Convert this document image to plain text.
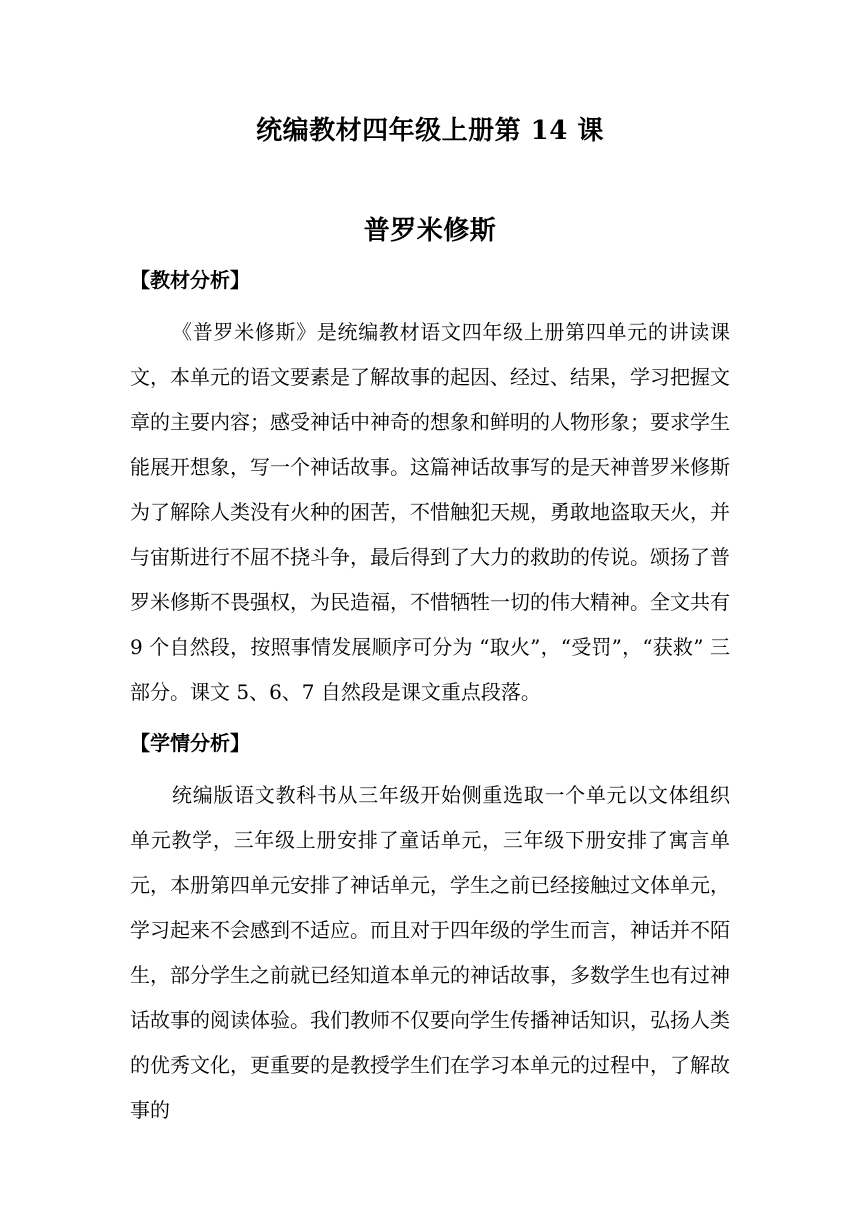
统编教材四年级上册第 14 课
普罗米修斯
【教材分析】

《普罗米修斯》是统编教材语文四年级上册第四单元的讲读课文，本单元的语文要素是了解故事的起因、经过、结果，学习把握文章的主要内容；感受神话中神奇的想象和鲜明的人物形象；要求学生能展开想象，写一个神话故事。这篇神话故事写的是天神普罗米修斯为了解除人类没有火种的困苦，不惜触犯天规，勇敢地盗取天火，并与宙斯进行不屈不挠斗争，最后得到了大力的救助的传说。颂扬了普罗米修斯不畏强权，为民造福，不惜牺牲一切的伟大精神。全文共有 9 个自然段，按照事情发展顺序可分为 “取火”，“受罚”，“获救” 三部分。课文 5、6、7 自然段是课文重点段落。

【学情分析】

统编版语文教科书从三年级开始侧重选取一个单元以文体组织单元教学，三年级上册安排了童话单元，三年级下册安排了寓言单元，本册第四单元安排了神话单元，学生之前已经接触过文体单元，学习起来不会感到不适应。而且对于四年级的学生而言，神话并不陌生，部分学生之前就已经知道本单元的神话故事，多数学生也有过神话故事的阅读体验。我们教师不仅要向学生传播神话知识，弘扬人类的优秀文化，更重要的是教授学生们在学习本单元的过程中，了解故事的
